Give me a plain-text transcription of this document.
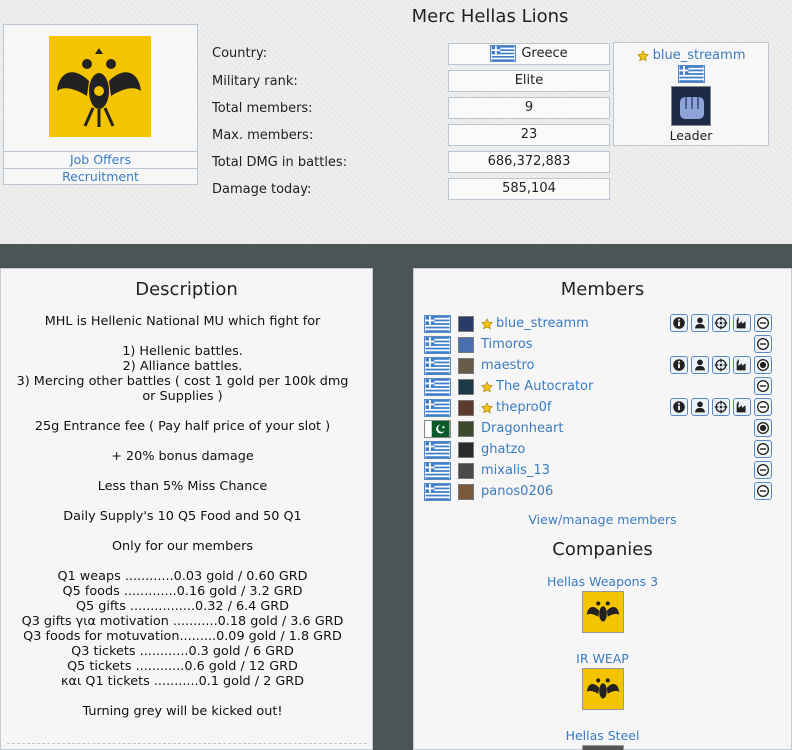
Merc Hellas Lions
Job Offers
Recruitment
Country:
Military rank:
Total members:
Max. members:
Total DMG in battles:
Damage today:
Greece
Elite
9
23
686,372,883
585,104
blue_streamm
Leader
Description
MHL is Hellenic National MU which fight for

1) Hellenic battles.
2) Alliance battles.
3) Mercing other battles ( cost 1 gold per 100k dmg or Supplies )

25g Entrance fee ( Pay half price of your slot )

+ 20% bonus damage

Less than 5% Miss Chance

Daily Supply's 10 Q5 Food and 50 Q1

Only for our members

Q1 weaps ............0.03 gold / 0.60 GRD
Q5 foods .............0.16 gold / 3.2 GRD
Q5 gifts ................0.32 / 6.4 GRD
Q3 gifts για motivation ...........0.18 gold / 3.6 GRD
Q3 foods for motuvation.........0.09 gold / 1.8 GRD
Q3 tickets ............0.3 gold / 6 GRD
Q5 tickets ............0.6 gold / 12 GRD
και Q1 tickets ...........0.1 gold / 2 GRD

Turning grey will be kicked out!
Members
blue_streamm
Timoros
maestro
The Autocrator
thepro0f
Dragonheart
ghatzo
mixalis_13
panos0206
View/manage members
Companies
Hellas Weapons 3
IR WEAP
Hellas Steel
